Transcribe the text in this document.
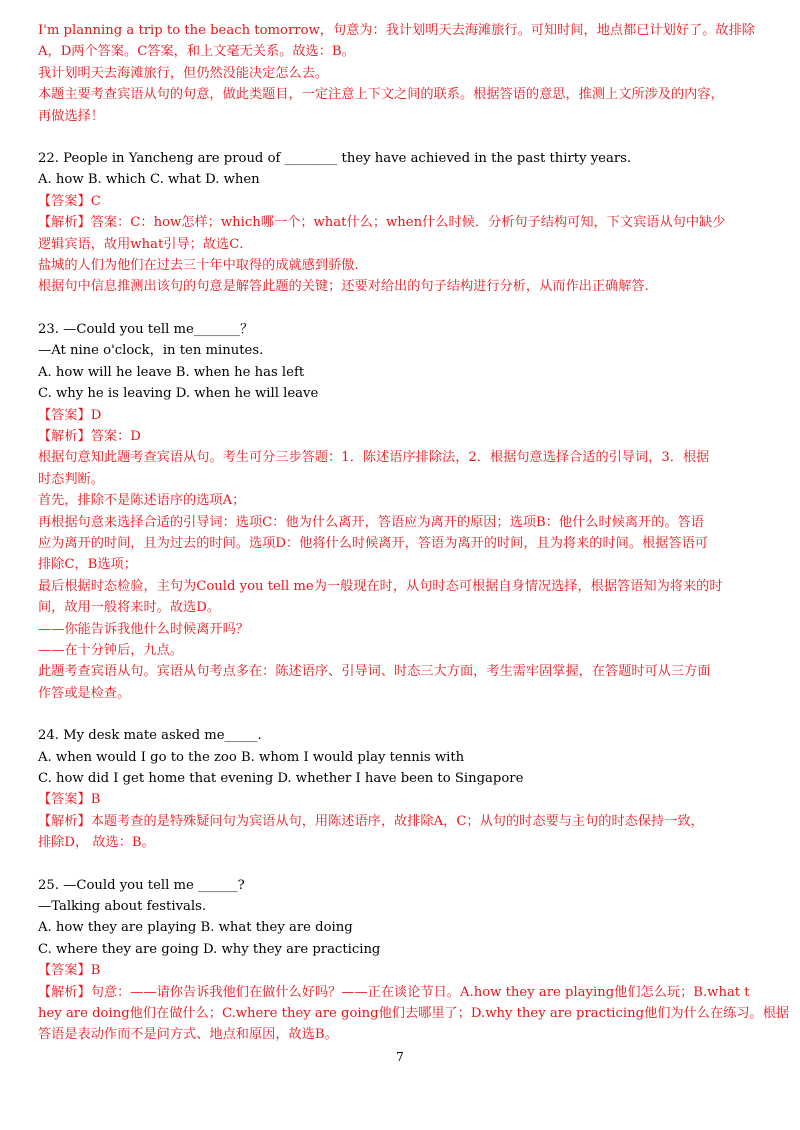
I'm planning a trip to the beach tomorrow，句意为：我计划明天去海滩旅行。可知时间，地点都已计划好了。故排除

A，D两个答案。C答案，和上文毫无关系。故选：B。

我计划明天去海滩旅行，但仍然没能决定怎么去。

本题主要考查宾语从句的句意，做此类题目，一定注意上下文之间的联系。根据答语的意思，推测上文所涉及的内容，

再做选择！

22. People in Yancheng are proud of ________ they have achieved in the past thirty years.

A. how B. which C. what D. when

【答案】C

【解析】答案：C：how怎样；which哪一个；what什么；when什么时候．分析句子结构可知，下文宾语从句中缺少

逻辑宾语，故用what引导；故选C．

盐城的人们为他们在过去三十年中取得的成就感到骄傲.

根据句中信息推测出该句的句意是解答此题的关键；还要对给出的句子结构进行分析，从而作出正确解答.

23. —Could you tell me_______？

—At nine o'clock，in ten minutes.

A. how will he leave B. when he has left

C. why he is leaving D. when he will leave

【答案】D

【解析】答案：D

根据句意知此题考查宾语从句。考生可分三步答题：1．陈述语序排除法，2．根据句意选择合适的引导词，3．根据

时态判断。

首先，排除不是陈述语序的选项A；

再根据句意来选择合适的引导词：选项C：他为什么离开，答语应为离开的原因；选项B：他什么时候离开的。答语

应为离开的时间，且为过去的时间。选项D：他将什么时候离开，答语为离开的时间，且为将来的时间。根据答语可

排除C，B选项；

最后根据时态检验，主句为Could you tell me为一般现在时，从句时态可根据自身情况选择，根据答语知为将来的时

间，故用一般将来时。故选D。

——你能告诉我他什么时候离开吗？

——在十分钟后，九点。

此题考查宾语从句。宾语从句考点多在：陈述语序、引导词、时态三大方面，考生需牢固掌握，在答题时可从三方面

作答或是检查。

24. My desk mate asked me_____.

A. when would I go to the zoo B. whom I would play tennis with

C. how did I get home that evening D. whether I have been to Singapore

【答案】B

【解析】本题考查的是特殊疑问句为宾语从句，用陈述语序，故排除A，C；从句的时态要与主句的时态保持一致，

排除D， 故选：B。

25. —Could you tell me ______?

—Talking about festivals.

A. how they are playing B. what they are doing

C. where they are going D. why they are practicing

【答案】B

【解析】句意：——请你告诉我他们在做什么好吗？——正在谈论节日。A.how they are playing他们怎么玩；B.what t

hey are doing他们在做什么；C.where they are going他们去哪里了；D.why they are practicing他们为什么在练习。根据

答语是表动作而不是问方式、地点和原因，故选B。

7
